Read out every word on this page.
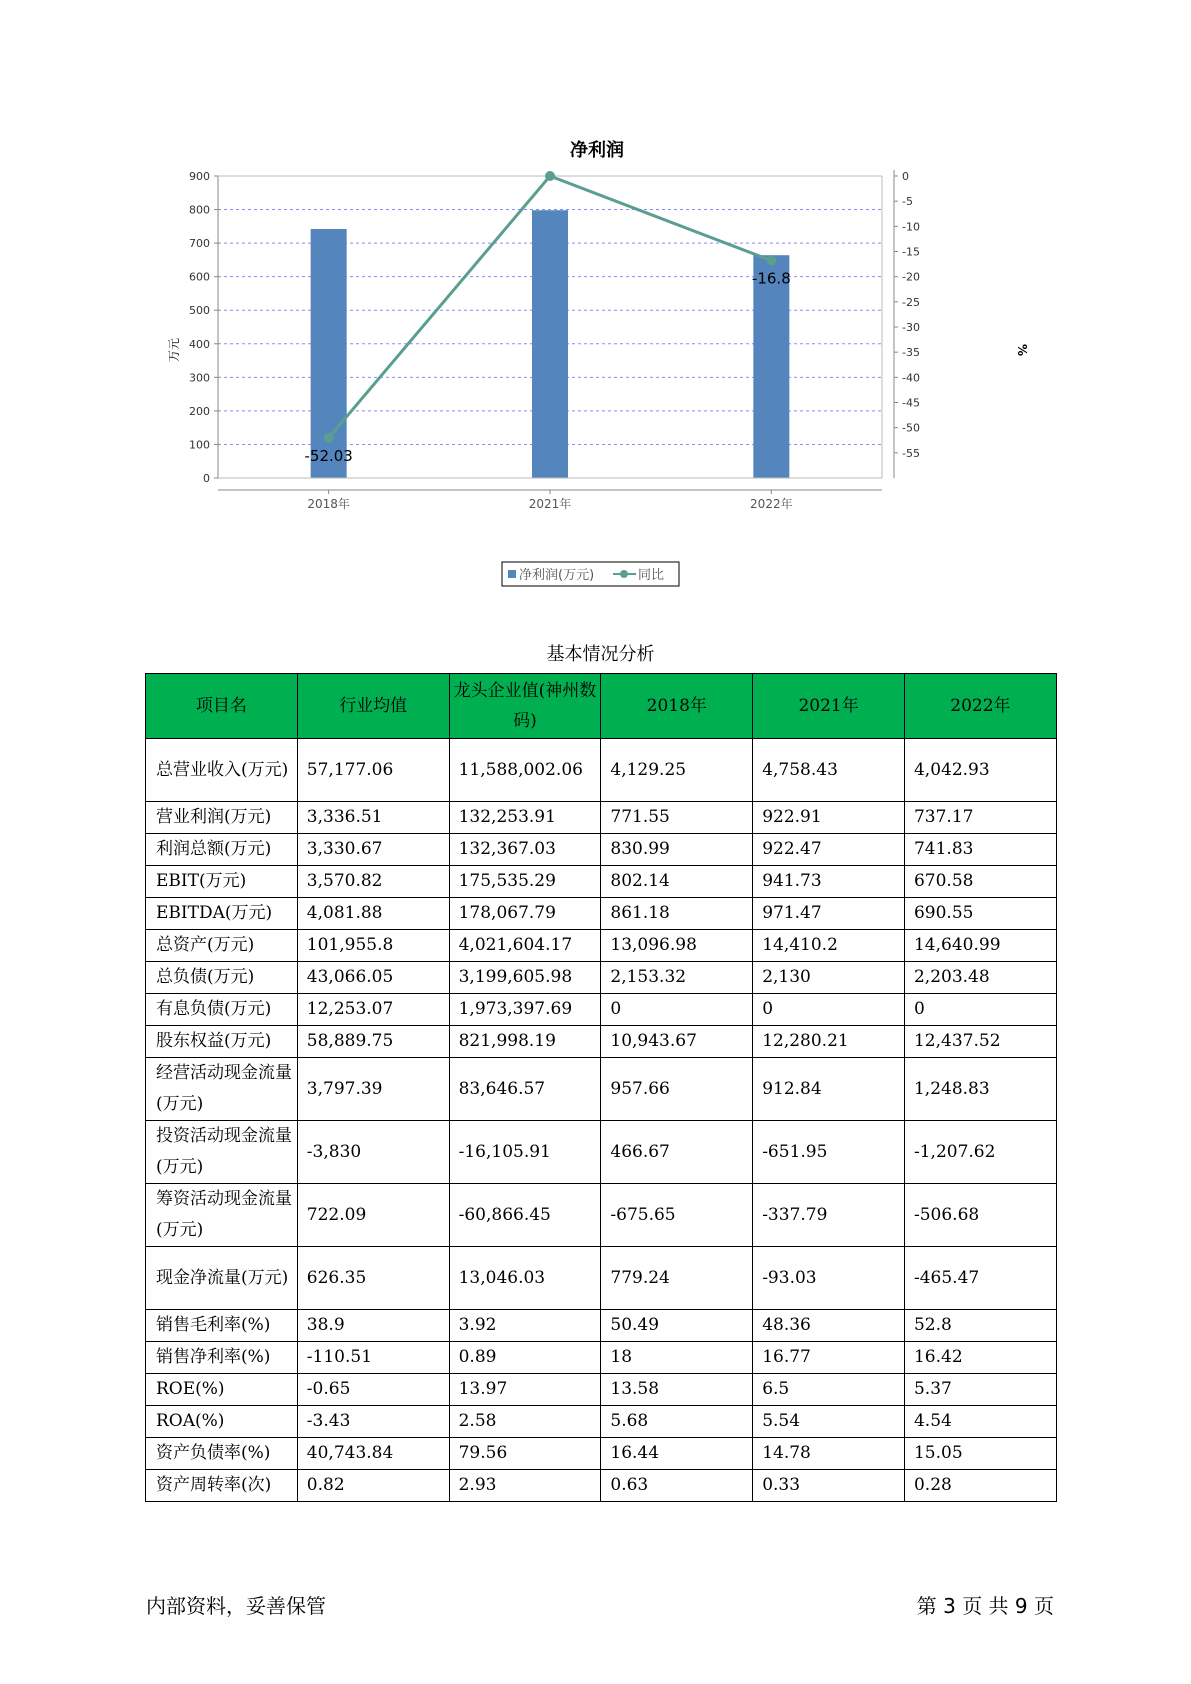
净利润
0
100
200
300
400
500
600
700
800
900	0
-5
-10
-15
-20
-25
-30
-35
-40
-45
-50
-55
2018年	2021年	2022年
-52.03
-16.8
万元	%
净利润(万元)	同比
基本情况分析
项目名	行业均值	龙头企业值(神州数码)	2018年	2021年	2022年
总营业收入(万元)	57,177.06	11,588,002.06	4,129.25	4,758.43	4,042.93
营业利润(万元)	3,336.51	132,253.91	771.55	922.91	737.17
利润总额(万元)	3,330.67	132,367.03	830.99	922.47	741.83
EBIT(万元)	3,570.82	175,535.29	802.14	941.73	670.58
EBITDA(万元)	4,081.88	178,067.79	861.18	971.47	690.55
总资产(万元)	101,955.8	4,021,604.17	13,096.98	14,410.2	14,640.99
总负债(万元)	43,066.05	3,199,605.98	2,153.32	2,130	2,203.48
有息负债(万元)	12,253.07	1,973,397.69	0	0	0
股东权益(万元)	58,889.75	821,998.19	10,943.67	12,280.21	12,437.52
经营活动现金流量(万元)	3,797.39	83,646.57	957.66	912.84	1,248.83
投资活动现金流量(万元)	-3,830	-16,105.91	466.67	-651.95	-1,207.62
筹资活动现金流量(万元)	722.09	-60,866.45	-675.65	-337.79	-506.68
现金净流量(万元)	626.35	13,046.03	779.24	-93.03	-465.47
销售毛利率(%)	38.9	3.92	50.49	48.36	52.8
销售净利率(%)	-110.51	0.89	18	16.77	16.42
ROE(%)	-0.65	13.97	13.58	6.5	5.37
ROA(%)	-3.43	2.58	5.68	5.54	4.54
资产负债率(%)	40,743.84	79.56	16.44	14.78	15.05
资产周转率(次)	0.82	2.93	0.63	0.33	0.28
内部资料，妥善保管	第 3 页 共 9 页
